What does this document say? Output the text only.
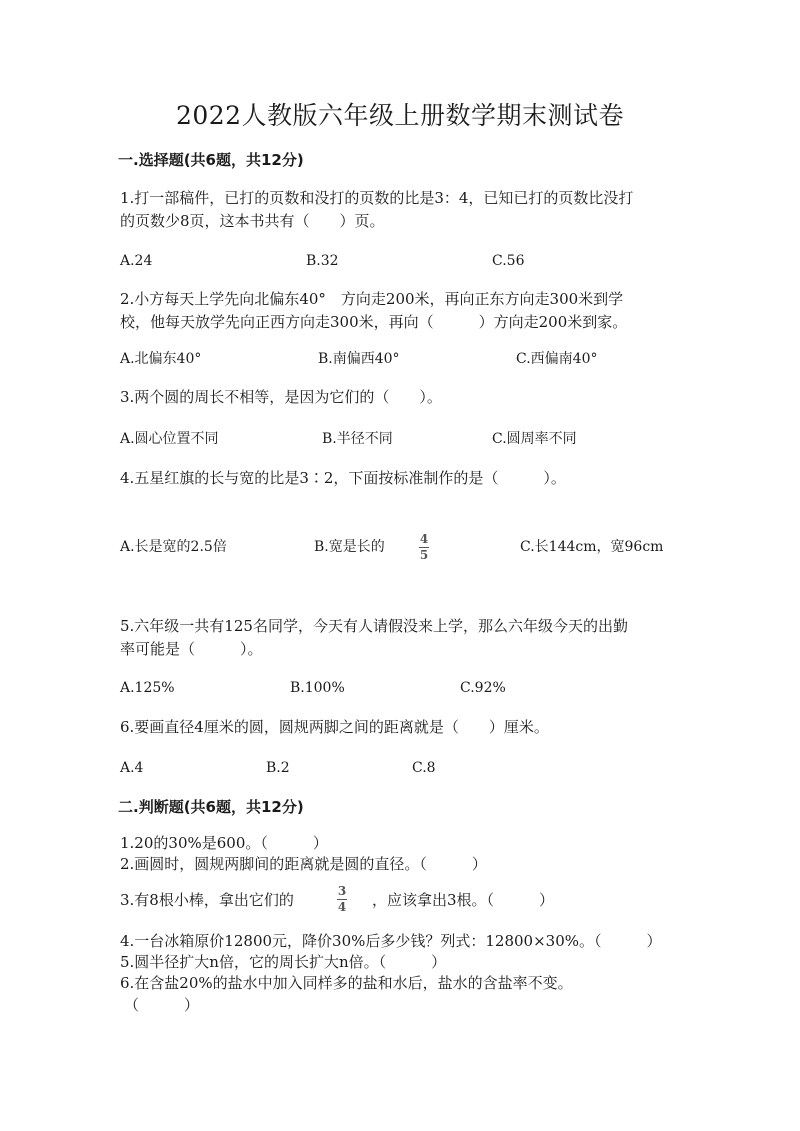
2022人教版六年级上册数学期末测试卷
一.选择题(共6题，共12分)
1.打一部稿件，已打的页数和没打的页数的比是3：4，已知已打的页数比没打
的页数少8页，这本书共有（　　）页。
A.24	B.32	C.56
2.小方每天上学先向北偏东40°　方向走200米，再向正东方向走300米到学
校，他每天放学先向正西方向走300米，再向（　　　）方向走200米到家。
A.北偏东40°	B.南偏西40°	C.西偏南40°
3.两个圆的周长不相等，是因为它们的（　　）。
A.圆心位置不同	B.半径不同	C.圆周率不同
4.五星红旗的长与宽的比是3∶2，下面按标准制作的是（　　　）。
A.长是宽的2.5倍	B.宽是长的	4
5	C.长144cm，宽96cm
5.六年级一共有125名同学，今天有人请假没来上学，那么六年级今天的出勤
率可能是（　　　）。
A.125%	B.100%	C.92%
6.要画直径4厘米的圆，圆规两脚之间的距离就是（　　）厘米。
A.4	B.2	C.8
二.判断题(共6题，共12分)
1.20的30%是600。（　　　）
2.画圆时，圆规两脚间的距离就是圆的直径。（　　　）
3.有8根小棒，拿出它们的	3
4 ，应该拿出3根。（　　　）
4.一台冰箱原价12800元，降价30%后多少钱？列式：12800×30%。（　　　）
5.圆半径扩大n倍，它的周长扩大n倍。（　　　）
6.在含盐20%的盐水中加入同样多的盐和水后，盐水的含盐率不变。
（　　　）
